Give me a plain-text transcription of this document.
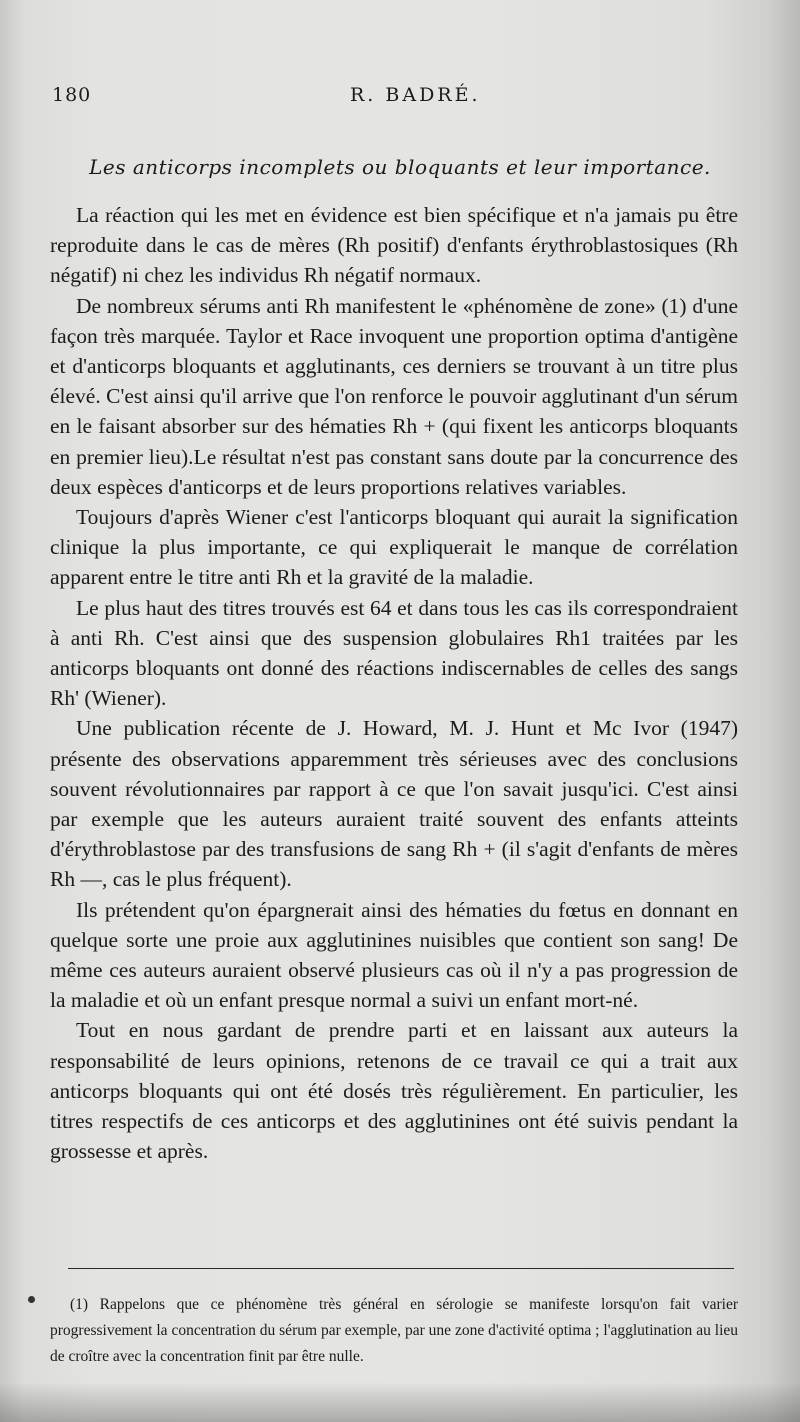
180	R. BADRÉ.
Les anticorps incomplets ou bloquants et leur importance.

La réaction qui les met en évidence est bien spécifique et n'a jamais pu être reproduite dans le cas de mères (Rh positif) d'enfants érythroblastosiques (Rh négatif) ni chez les individus Rh négatif normaux.

De nombreux sérums anti Rh manifestent le «phénomène de zone» (1) d'une façon très marquée. Taylor et Race invoquent une proportion optima d'antigène et d'anticorps bloquants et agglutinants, ces derniers se trouvant à un titre plus élevé. C'est ainsi qu'il arrive que l'on renforce le pouvoir agglutinant d'un sérum en le faisant absorber sur des hématies Rh + (qui fixent les anticorps bloquants en premier lieu).Le résultat n'est pas constant sans doute par la concurrence des deux espèces d'anticorps et de leurs proportions relatives variables.

Toujours d'après Wiener c'est l'anticorps bloquant qui aurait la signification clinique la plus importante, ce qui expliquerait le manque de corrélation apparent entre le titre anti Rh et la gravité de la maladie.

Le plus haut des titres trouvés est 64 et dans tous les cas ils correspondraient à anti Rh. C'est ainsi que des suspension globulaires Rh1 traitées par les anticorps bloquants ont donné des réactions indiscernables de celles des sangs Rh' (Wiener).

Une publication récente de J. Howard, M. J. Hunt et Mc Ivor (1947) présente des observations apparemment très sérieuses avec des conclusions souvent révolutionnaires par rapport à ce que l'on savait jusqu'ici. C'est ainsi par exemple que les auteurs auraient traité souvent des enfants atteints d'érythroblastose par des transfusions de sang Rh + (il s'agit d'enfants de mères Rh —, cas le plus fréquent).

Ils prétendent qu'on épargnerait ainsi des hématies du fœtus en donnant en quelque sorte une proie aux agglutinines nuisibles que contient son sang! De même ces auteurs auraient observé plusieurs cas où il n'y a pas progression de la maladie et où un enfant presque normal a suivi un enfant mort-né.

Tout en nous gardant de prendre parti et en laissant aux auteurs la responsabilité de leurs opinions, retenons de ce travail ce qui a trait aux anticorps bloquants qui ont été dosés très régulièrement. En particulier, les titres respectifs de ces anticorps et des agglutinines ont été suivis pendant la grossesse et après.

(1) Rappelons que ce phénomène très général en sérologie se manifeste lorsqu'on fait varier progressivement la concentration du sérum par exemple, par une zone d'activité optima ; l'agglutination au lieu de croître avec la concentration finit par être nulle.
